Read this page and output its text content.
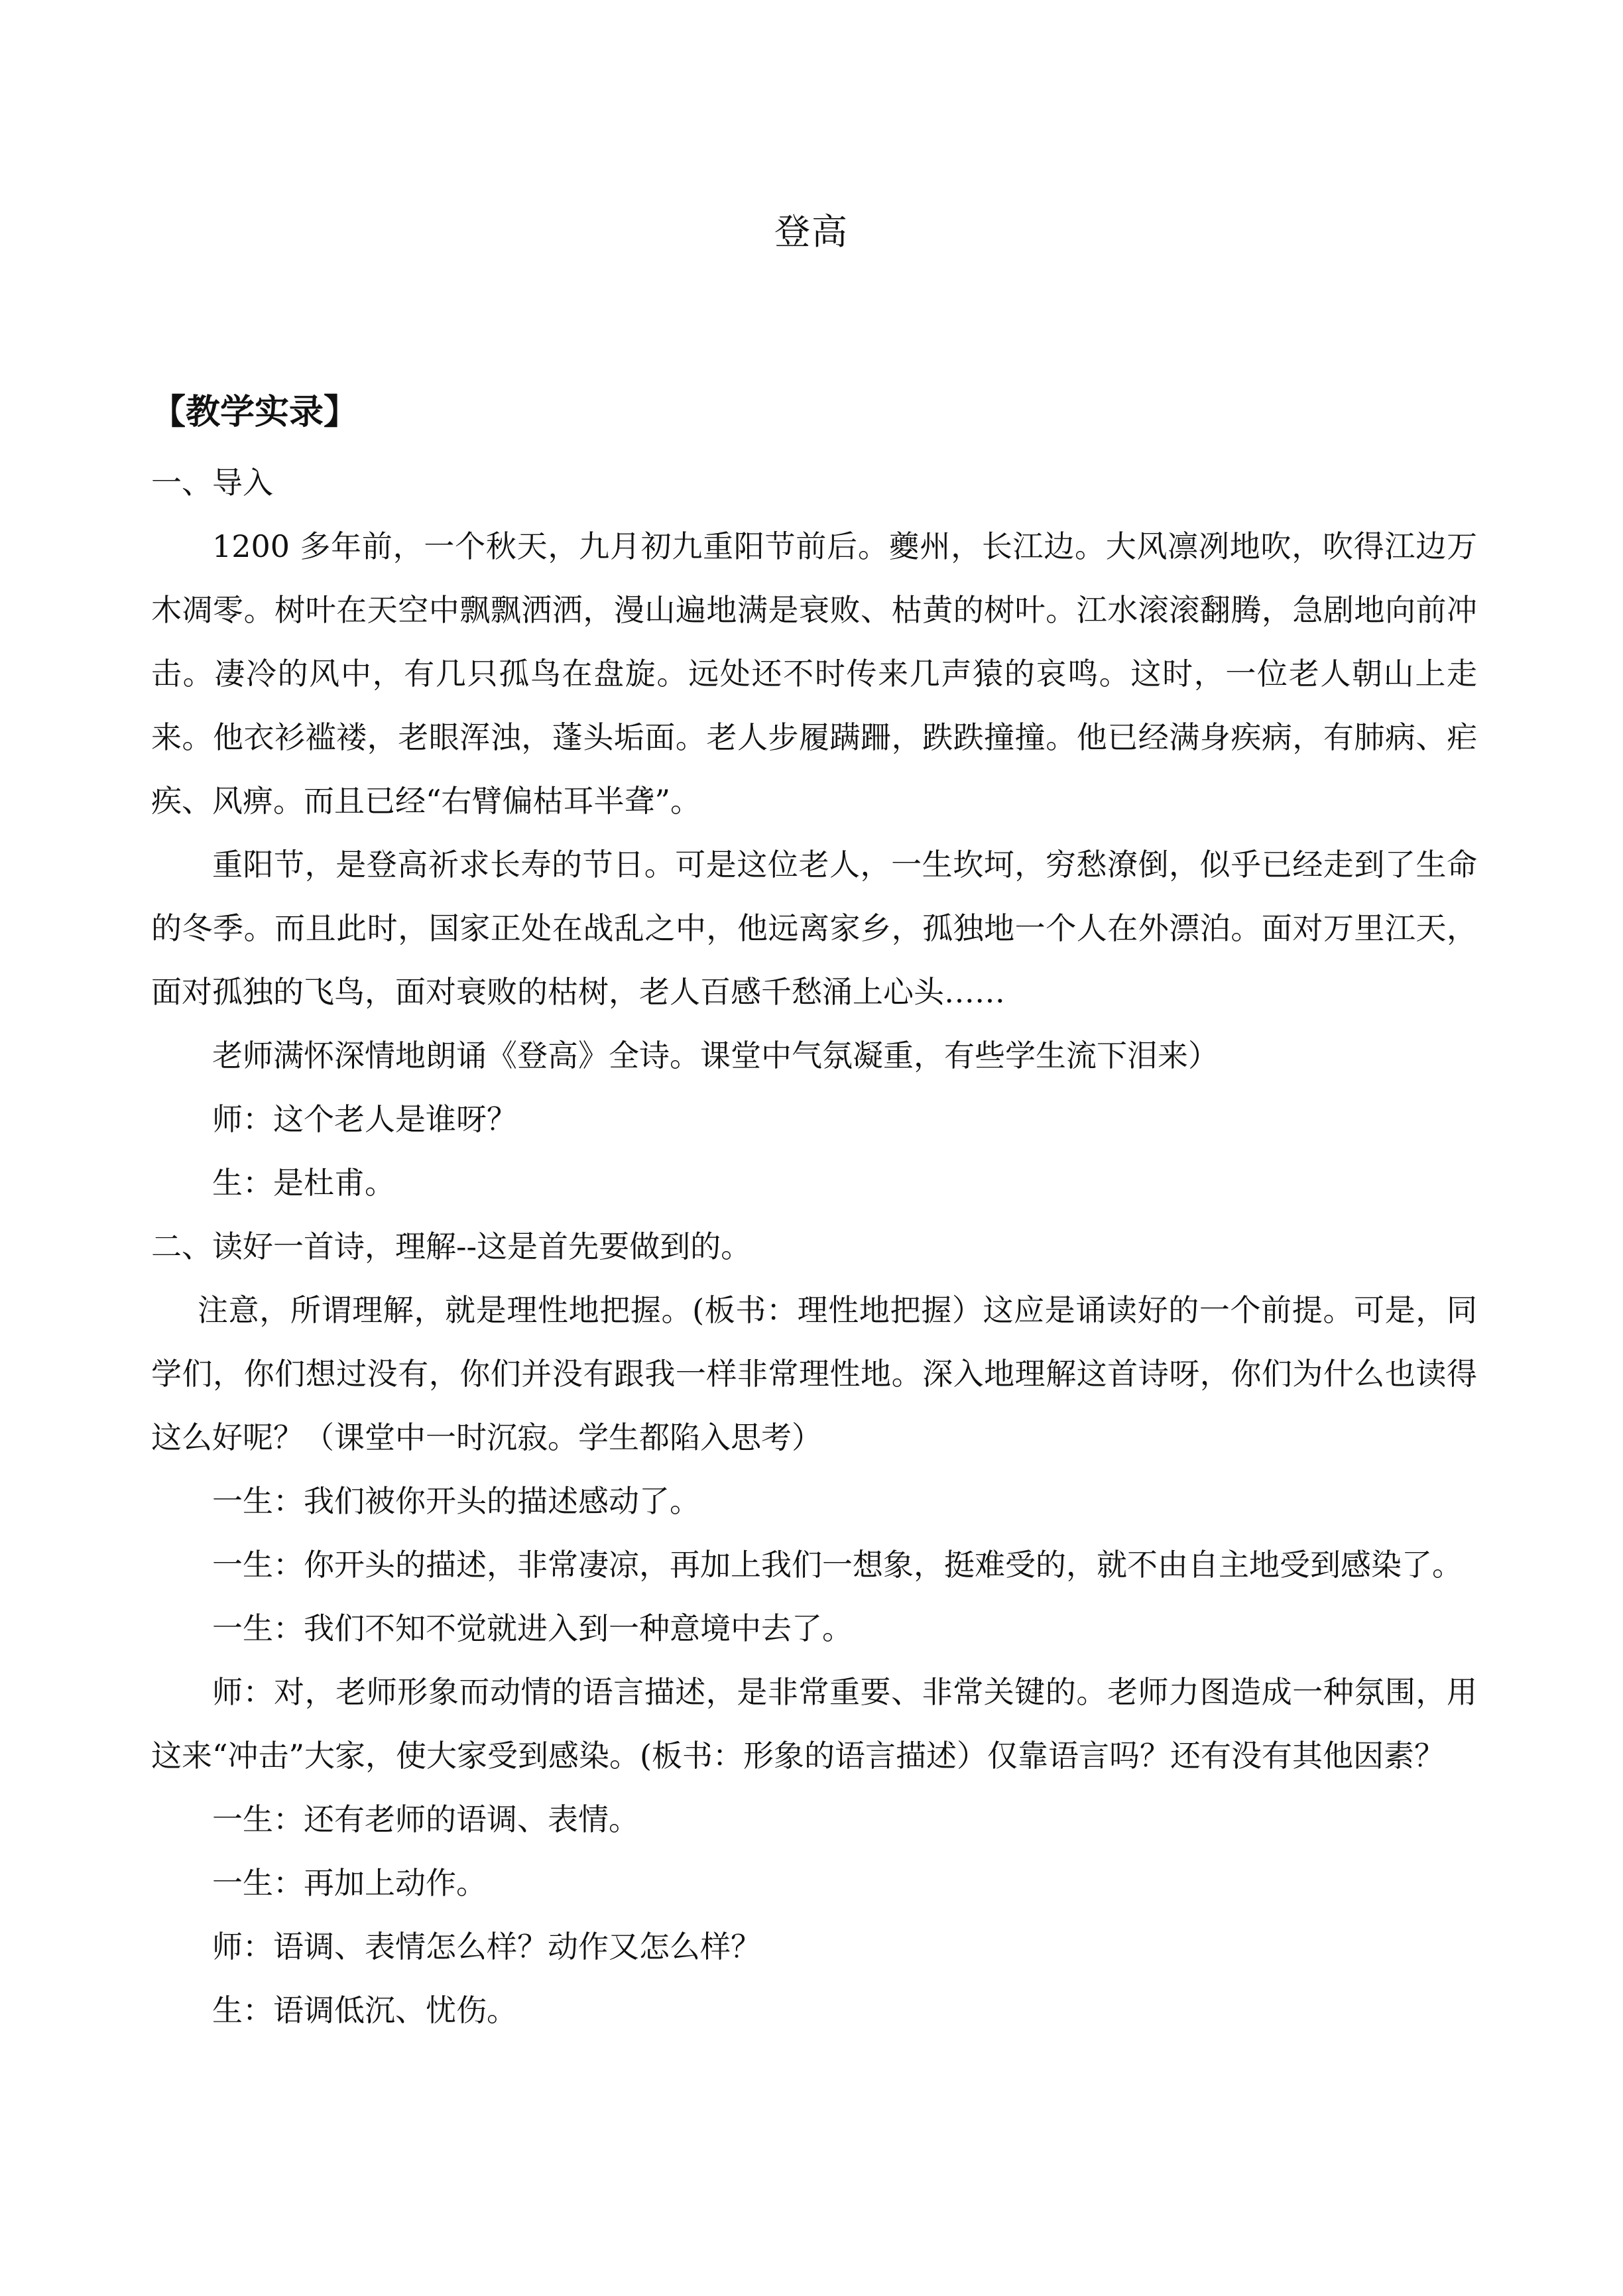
登高
【教学实录】

一、导入

1200 多年前，一个秋天，九月初九重阳节前后。夔州，长江边。大风凛冽地吹，吹得江边万木凋零。树叶在天空中飘飘洒洒，漫山遍地满是衰败、枯黄的树叶。江水滚滚翻腾，急剧地向前冲击。凄冷的风中，有几只孤鸟在盘旋。远处还不时传来几声猿的哀鸣。这时，一位老人朝山上走来。他衣衫褴褛，老眼浑浊，蓬头垢面。老人步履蹒跚，跌跌撞撞。他已经满身疾病，有肺病、疟疾、风痹。而且已经“右臂偏枯耳半聋”。

重阳节，是登高祈求长寿的节日。可是这位老人，一生坎坷，穷愁潦倒，似乎已经走到了生命的冬季。而且此时，国家正处在战乱之中，他远离家乡，孤独地一个人在外漂泊。面对万里江天，面对孤独的飞鸟，面对衰败的枯树，老人百感千愁涌上心头……

老师满怀深情地朗诵《登高》全诗。课堂中气氛凝重，有些学生流下泪来）

师：这个老人是谁呀？

生：是杜甫。

二、读好一首诗，理解--这是首先要做到的。

注意，所谓理解，就是理性地把握。(板书：理性地把握）这应是诵读好的一个前提。可是，同学们，你们想过没有，你们并没有跟我一样非常理性地。深入地理解这首诗呀，你们为什么也读得这么好呢？（课堂中一时沉寂。学生都陷入思考）

一生：我们被你开头的描述感动了。

一生：你开头的描述，非常凄凉，再加上我们一想象，挺难受的，就不由自主地受到感染了。

一生：我们不知不觉就进入到一种意境中去了。

师：对，老师形象而动情的语言描述，是非常重要、非常关键的。老师力图造成一种氛围，用这来“冲击”大家，使大家受到感染。(板书：形象的语言描述）仅靠语言吗？还有没有其他因素？

一生：还有老师的语调、表情。

一生：再加上动作。

师：语调、表情怎么样？动作又怎么样？

生：语调低沉、忧伤。
